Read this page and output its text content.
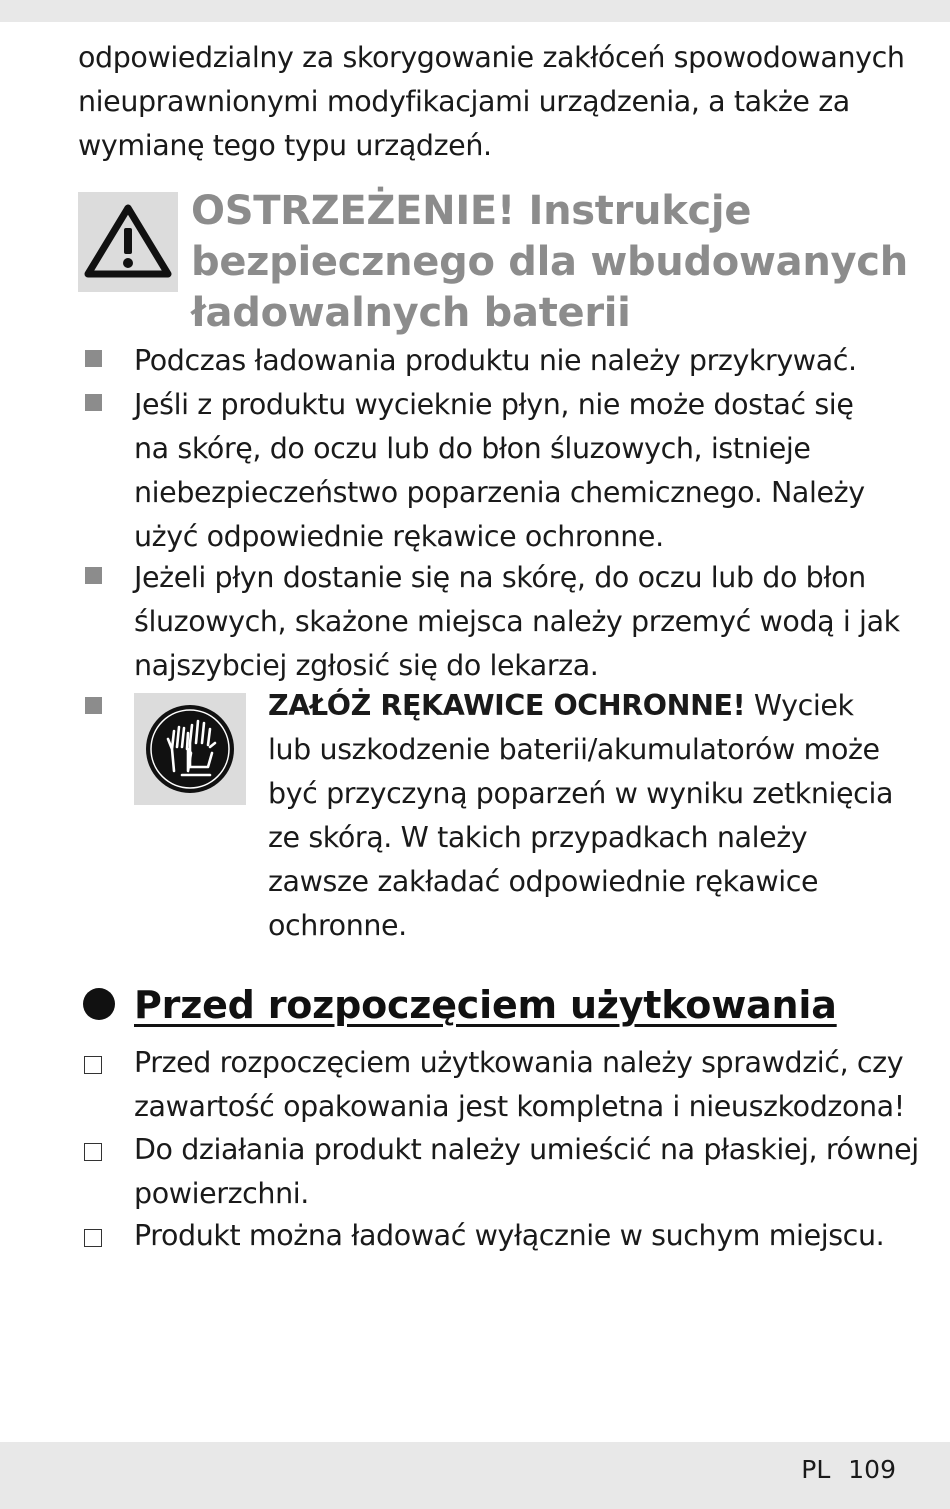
odpowiedzialny za skorygowanie zakłóceń spowodowanych
nieuprawnionymi modyfikacjami urządzenia, a także za
wymianę tego typu urządzeń.
OSTRZEŻENIE! Instrukcje
bezpiecznego dla wbudowanych
ładowalnych baterii
Podczas ładowania produktu nie należy przykrywać.
Jeśli z produktu wycieknie płyn, nie może dostać się
na skórę, do oczu lub do błon śluzowych, istnieje
niebezpieczeństwo poparzenia chemicznego. Należy
użyć odpowiednie rękawice ochronne.
Jeżeli płyn dostanie się na skórę, do oczu lub do błon
śluzowych, skażone miejsca należy przemyć wodą i jak
najszybciej zgłosić się do lekarza.
ZAŁÓŻ RĘKAWICE OCHRONNE! Wyciek
lub uszkodzenie baterii/akumulatorów może
być przyczyną poparzeń w wyniku zetknięcia
ze skórą. W takich przypadkach należy
zawsze zakładać odpowiednie rękawice
ochronne.
Przed rozpoczęciem użytkowania
Przed rozpoczęciem użytkowania należy sprawdzić, czy
zawartość opakowania jest kompletna i nieuszkodzona!
Do działania produkt należy umieścić na płaskiej, równej
powierzchni.
Produkt można ładować wyłącznie w suchym miejscu.
PL 109
